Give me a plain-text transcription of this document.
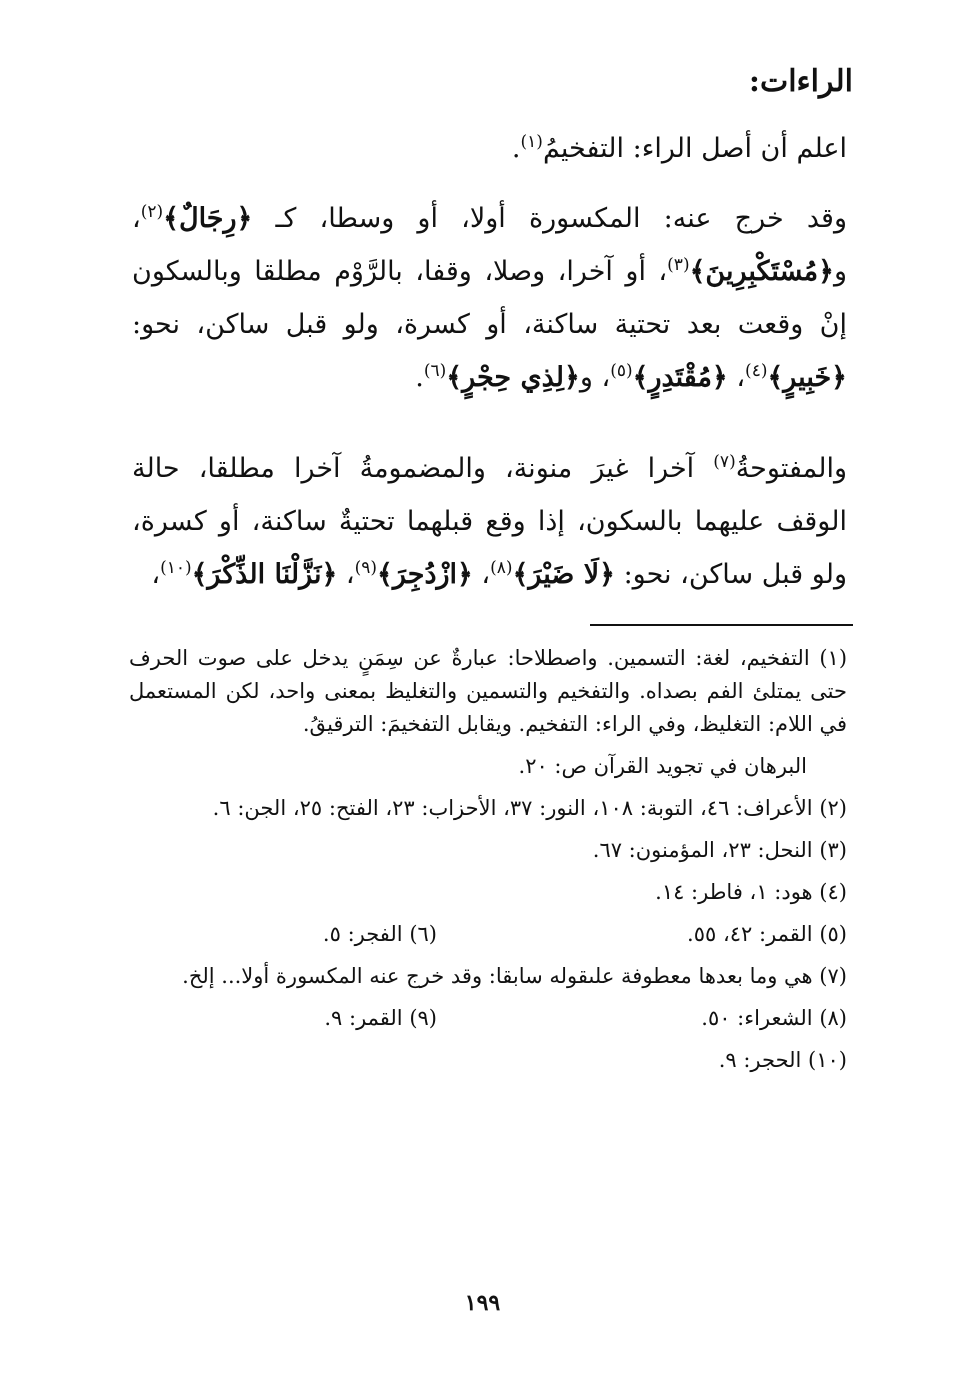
الراءات:

اعلم أن أصل الراء: التفخيمُ$^{(١)}$.

وقد خرج عنه: المكسورة أولا، أو وسطا، كـ ﴿رِجَالٌ﴾$^{(٢)}$، و﴿مُسْتَكْبِرِينَ﴾$^{(٣)}$، أو آخرا، وصلا، وقفا، بالرَّوْم مطلقا وبالسكون إنْ وقعت بعد تحتية ساكنة، أو كسرة، ولو قبل ساكن، نحو: ﴿خَبِيرٍ﴾$^{(٤)}$، ﴿مُقْتَدِرٍ﴾$^{(٥)}$، و﴿لِذِي حِجْرٍ﴾$^{(٦)}$.

والمفتوحةُ$^{(٧)}$ آخرا غيرَ منونة، والمضمومةُ آخرا مطلقا، حالة الوقف عليهما بالسكون، إذا وقع قبلهما تحتيةٌ ساكنة، أو كسرة، ولو قبل ساكن، نحو: ﴿لَا ضَيْرَ﴾$^{(٨)}$، ﴿ازْدُجِرَ﴾$^{(٩)}$، ﴿نَزَّلْنَا الذِّكْرَ﴾$^{(١٠)}$،

(١) التفخيم، لغة: التسمين. واصطلاحا: عبارةٌ عن سِمَنٍ يدخل على صوت الحرف حتى يمتلئ الفم بصداه. والتفخيم والتسمين والتغليظ بمعنى واحد، لكن المستعمل في اللام: التغليظ، وفي الراء: التفخيم. ويقابل التفخيمَ: الترقيقُ.

البرهان في تجويد القرآن ص: ٢٠.

(٢) الأعراف: ٤٦، التوبة: ١٠٨، النور: ٣٧، الأحزاب: ٢٣، الفتح: ٢٥، الجن: ٦.

(٣) النحل: ٢٣، المؤمنون: ٦٧.

(٤) هود: ١، فاطر: ١٤.

(٥) القمر: ٤٢، ٥٥.
(٦) الفجر: ٥.

(٧) هي وما بعدها معطوفة علىقوله سابقا: وقد خرج عنه المكسورة أولا... إلخ.

(٨) الشعراء: ٥٠.
(٩) القمر: ٩.

(١٠) الحجر: ٩.

١٩٩
